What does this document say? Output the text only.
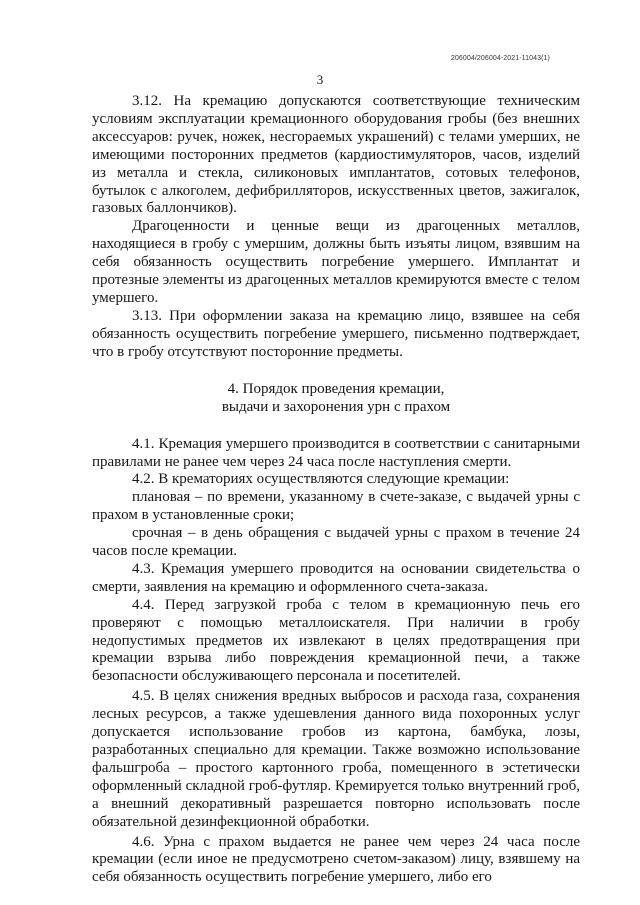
206004/206004-2021-11043(1)
3

3.12. На кремацию допускаются соответствующие техническим условиям эксплуатации кремационного оборудования гробы (без внешних аксессуаров: ручек, ножек, несгораемых украшений) с телами умерших, не имеющими посторонних предметов (кардиостимуляторов, часов, изделий из металла и стекла, силиконовых имплантатов, сотовых телефонов, бутылок с алкоголем, дефибрилляторов, искусственных цветов, зажигалок, газовых баллончиков).

Драгоценности и ценные вещи из драгоценных металлов, находящиеся в гробу с умершим, должны быть изъяты лицом, взявшим на себя обязанность осуществить погребение умершего. Имплантат и протезные элементы из драгоценных металлов кремируются вместе с телом умершего.

3.13. При оформлении заказа на кремацию лицо, взявшее на себя обязанность осуществить погребение умершего, письменно подтверждает, что в гробу отсутствуют посторонние предметы.

4. Порядок проведения кремации,
выдачи и захоронения урн с прахом

4.1. Кремация умершего производится в соответствии с санитарными правилами не ранее чем через 24 часа после наступления смерти.

4.2. В крематориях осуществляются следующие кремации:

плановая – по времени, указанному в счете-заказе, с выдачей урны с прахом в установленные сроки;

срочная – в день обращения с выдачей урны с прахом в течение 24 часов после кремации.

4.3. Кремация умершего проводится на основании свидетельства о смерти, заявления на кремацию и оформленного счета-заказа.

4.4. Перед загрузкой гроба с телом в кремационную печь его проверяют с помощью металлоискателя. При наличии в гробу недопустимых предметов их извлекают в целях предотвращения при кремации взрыва либо повреждения кремационной печи, а также безопасности обслуживающего персонала и посетителей.

4.5. В целях снижения вредных выбросов и расхода газа, сохранения лесных ресурсов, а также удешевления данного вида похоронных услуг допускается использование гробов из картона, бамбука, лозы, разработанных специально для кремации. Также возможно использование фальшгроба – простого картонного гроба, помещенного в эстетически оформленный складной гроб-футляр. Кремируется только внутренний гроб, а внешний декоративный разрешается повторно использовать после обязательной дезинфекционной обработки.

4.6. Урна с прахом выдается не ранее чем через 24 часа после кремации (если иное не предусмотрено счетом-заказом) лицу, взявшему на себя обязанность осуществить погребение умершего, либо его
